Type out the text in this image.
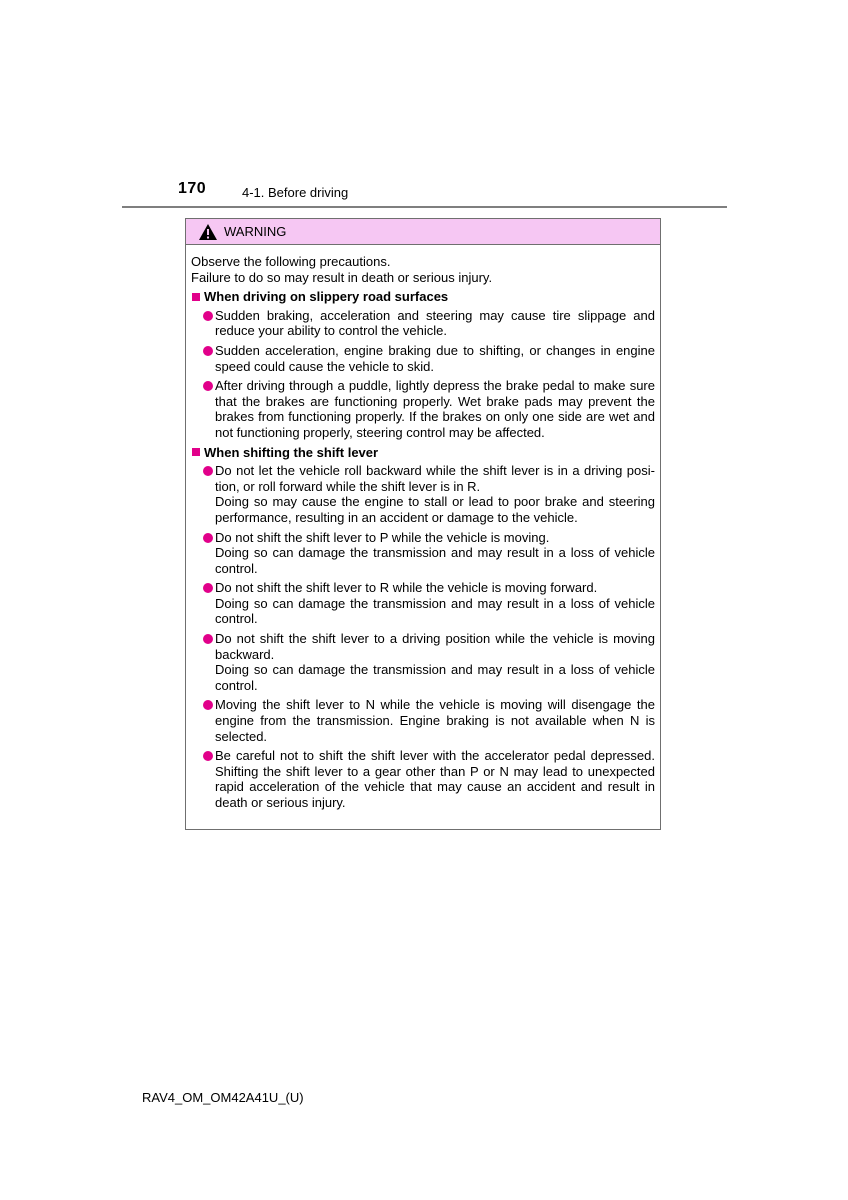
170	4-1. Before driving
WARNING
Observe the following precautions.
Failure to do so may result in death or serious injury.
When driving on slippery road surfaces

Sudden braking, acceleration and steering may cause tire slippage and reduce your ability to control the vehicle.

Sudden acceleration, engine braking due to shifting, or changes in engine speed could cause the vehicle to skid.

After driving through a puddle, lightly depress the brake pedal to make sure that the brakes are functioning properly. Wet brake pads may prevent the brakes from functioning properly. If the brakes on only one side are wet and not functioning properly, steering control may be affected.

When shifting the shift lever

Do not let the vehicle roll backward while the shift lever is in a driving position, or roll forward while the shift lever is in R.

Doing so may cause the engine to stall or lead to poor brake and steering performance, resulting in an accident or damage to the vehicle.

Do not shift the shift lever to P while the vehicle is moving.

Doing so can damage the transmission and may result in a loss of vehicle control.

Do not shift the shift lever to R while the vehicle is moving forward.

Doing so can damage the transmission and may result in a loss of vehicle control.

Do not shift the shift lever to a driving position while the vehicle is moving backward.

Doing so can damage the transmission and may result in a loss of vehicle control.

Moving the shift lever to N while the vehicle is moving will disengage the engine from the transmission. Engine braking is not available when N is selected.

Be careful not to shift the shift lever with the accelerator pedal depressed. Shifting the shift lever to a gear other than P or N may lead to unexpected rapid acceleration of the vehicle that may cause an accident and result in death or serious injury.

RAV4_OM_OM42A41U_(U)
